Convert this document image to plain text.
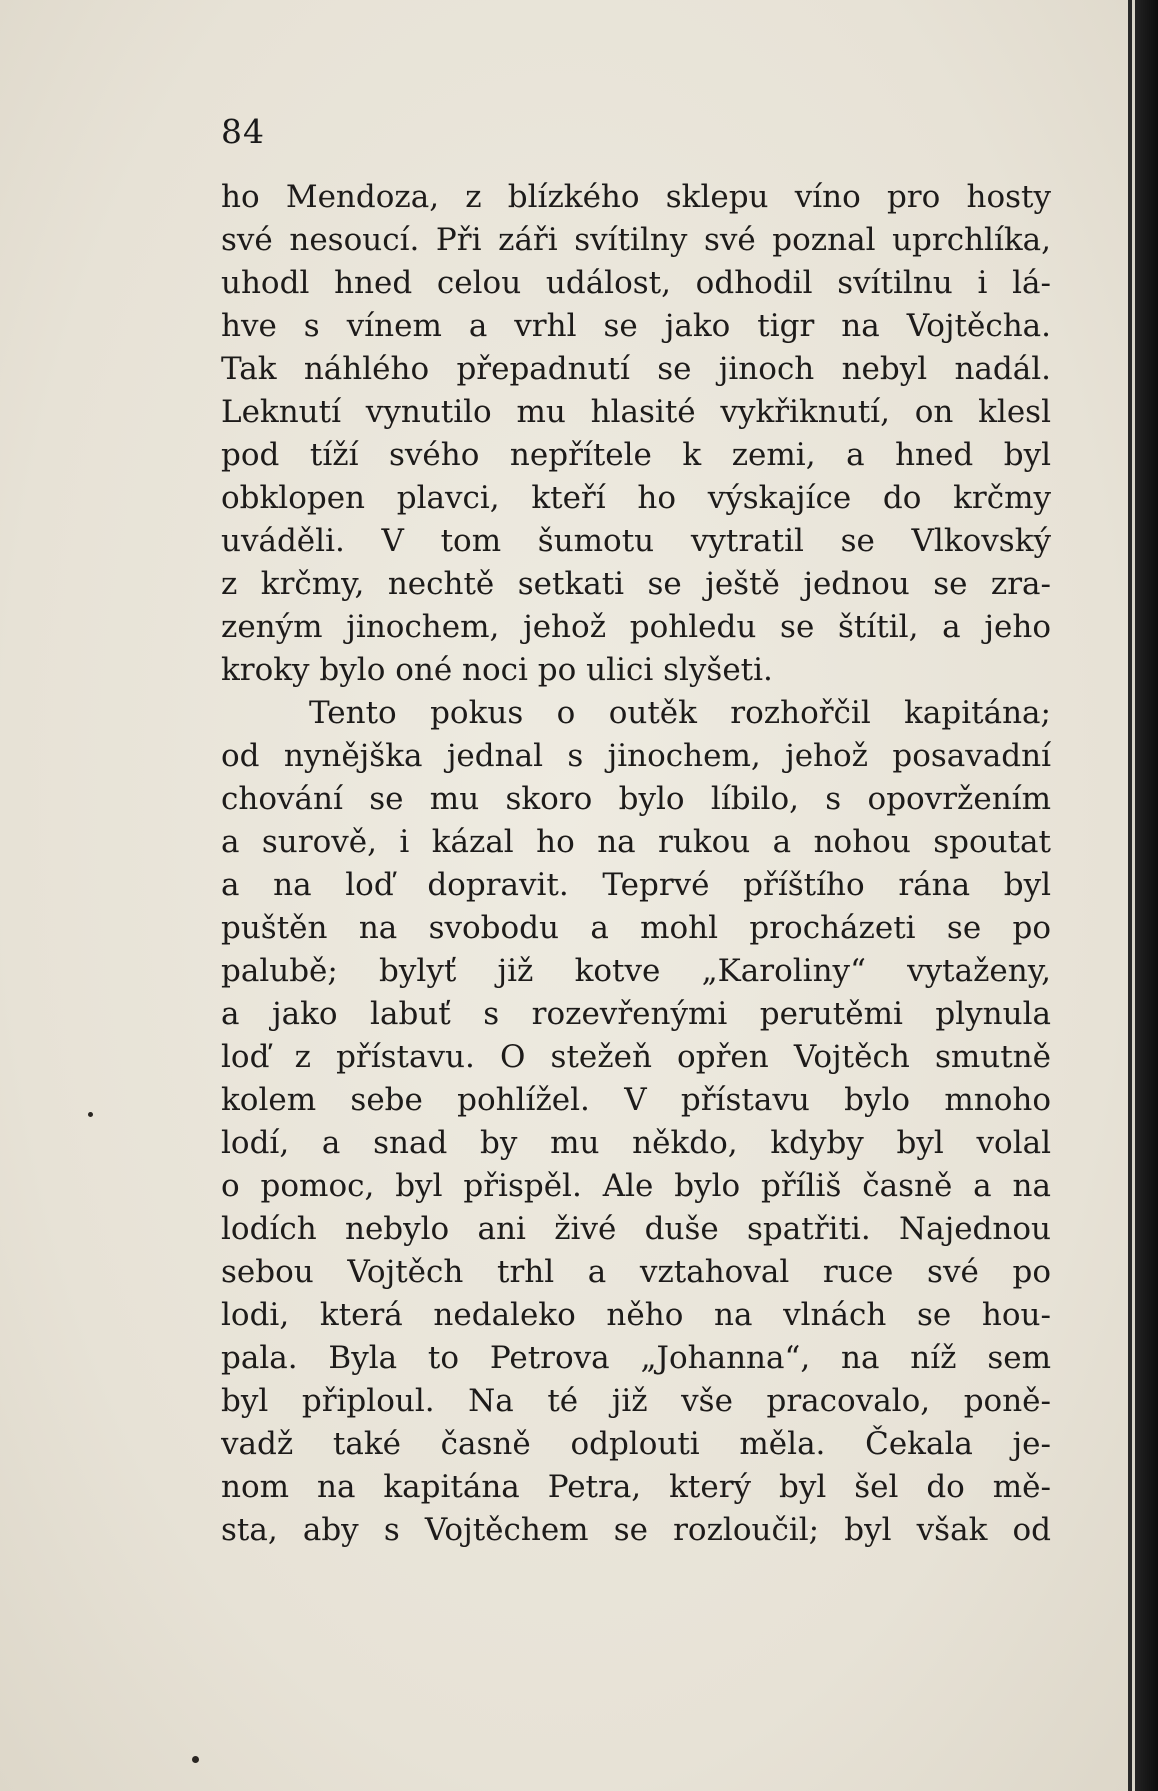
84
ho Mendoza, z blízkého sklepu víno pro hosty
své nesoucí. Při záři svítilny své poznal uprchlíka,
uhodl hned celou událost, odhodil svítilnu i lá-
hve s vínem a vrhl se jako tigr na Vojtěcha.
Tak náhlého přepadnutí se jinoch nebyl nadál.
Leknutí vynutilo mu hlasité vykřiknutí, on klesl
pod tíží svého nepřítele k zemi, a hned byl
obklopen plavci, kteří ho výskajíce do krčmy
uváděli. V tom šumotu vytratil se Vlkovský
z krčmy, nechtě setkati se ještě jednou se zra-
zeným jinochem, jehož pohledu se štítil, a jeho
kroky bylo oné noci po ulici slyšeti.
Tento pokus o outěk rozhořčil kapitána;
od nynějška jednal s jinochem, jehož posavadní
chování se mu skoro bylo líbilo, s opovržením
a surově, i kázal ho na rukou a nohou spoutat
a na loď dopravit. Teprvé příštího rána byl
puštěn na svobodu a mohl procházeti se po
palubě; bylyť již kotve „Karoliny“ vytaženy,
a jako labuť s rozevřenými perutěmi plynula
loď z přístavu. O stežeň opřen Vojtěch smutně
kolem sebe pohlížel. V přístavu bylo mnoho
lodí, a snad by mu někdo, kdyby byl volal
o pomoc, byl přispěl. Ale bylo příliš časně a na
lodích nebylo ani živé duše spatřiti. Najednou
sebou Vojtěch trhl a vztahoval ruce své po
lodi, která nedaleko něho na vlnách se hou-
pala. Byla to Petrova „Johanna“, na níž sem
byl připloul. Na té již vše pracovalo, poně-
vadž také časně odplouti měla. Čekala je-
nom na kapitána Petra, který byl šel do mě-
sta, aby s Vojtěchem se rozloučil; byl však od
